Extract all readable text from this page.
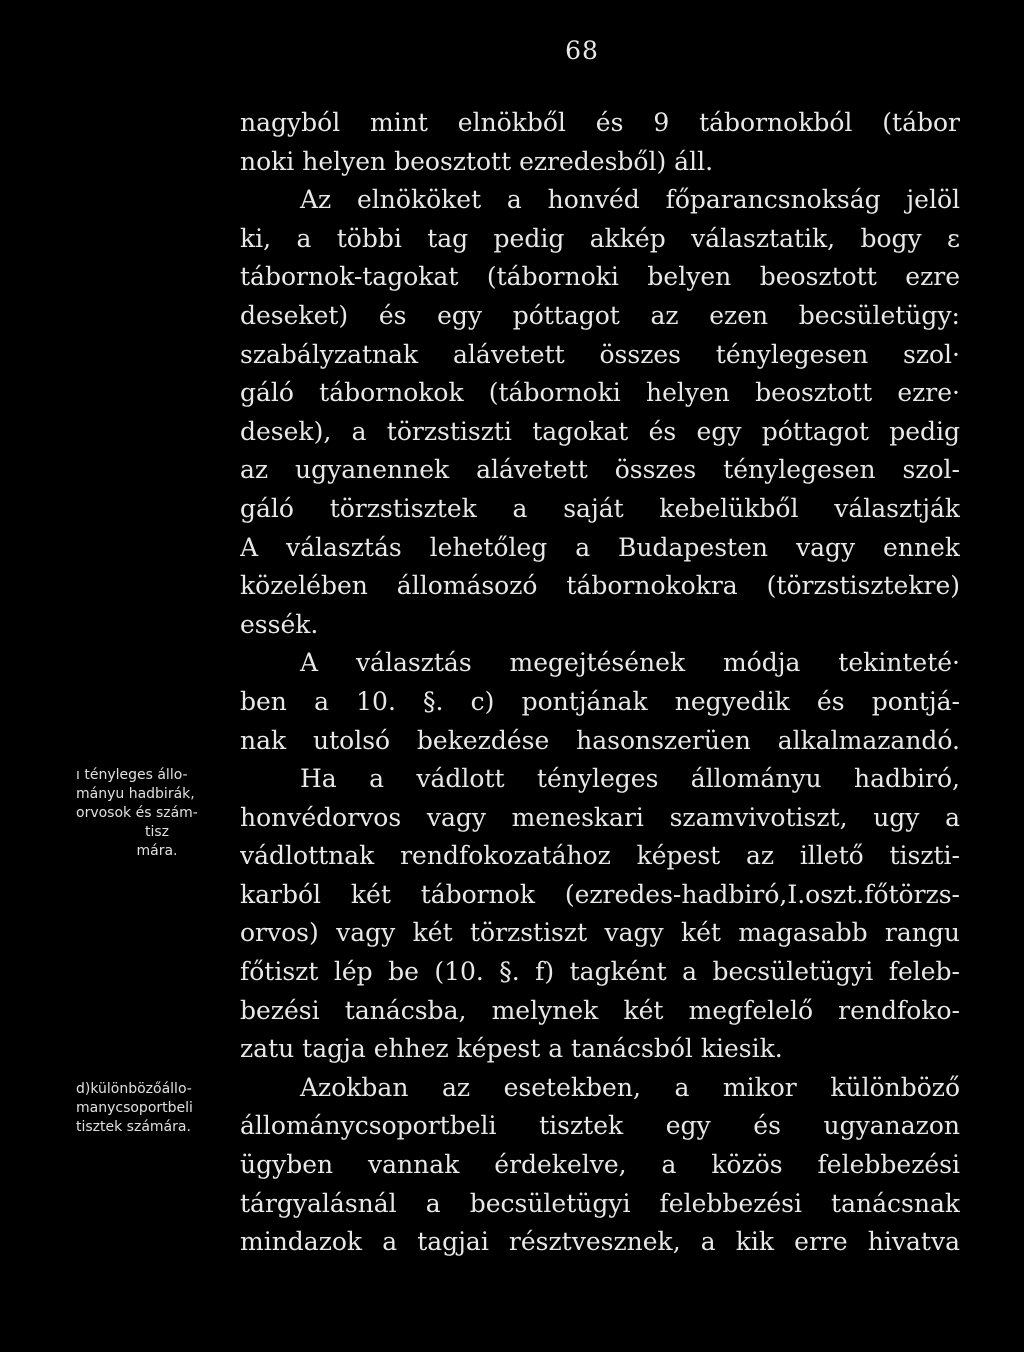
68
nagyból mint elnökből és 9 tábornokból (tábor
noki helyen beosztott ezredesből) áll.
Az elnököket a honvéd főparancsnokság jelöl
ki, a többi tag pedig akkép választatik, bogy ε
tábornok-tagokat (tábornoki belyen beosztott ezre
deseket) és egy póttagot az ezen becsületügy:
szabályzatnak alávetett összes ténylegesen szol·
gáló tábornokok (tábornoki helyen beosztott ezre·
desek), a törzstiszti tagokat és egy póttagot pedig
az ugyanennek alávetett összes ténylegesen szol-
gáló törzstisztek a saját kebelükből választják
A választás lehetőleg a Budapesten vagy ennek
közelében állomásozó tábornokokra (törzstisztekre)
essék.
A választás megejtésének módja tekinteté·
ben a 10. §. c) pontjának negyedik és pontjá-
nak utolsó bekezdése hasonszerüen alkalmazandó.
Ha a vádlott tényleges állományu hadbiró,
honvédorvos vagy meneskari szamvivotiszt, ugy a
vádlottnak rendfokozatához képest az illető tiszti-
karból két tábornok (ezredes-hadbiró,I.oszt.főtörzs-
orvos) vagy két törzstiszt vagy két magasabb rangu
főtiszt lép be (10. §. f) tagként a becsületügyi feleb-
bezési tanácsba, melynek két megfelelő rendfoko-
zatu tagja ehhez képest a tanácsból kiesik.
Azokban az esetekben, a mikor különböző
állománycsoportbeli tisztek egy és ugyanazon
ügyben vannak érdekelve, a közös felebbezési
tárgyalásnál a becsületügyi felebbezési tanácsnak
mindazok a tagjai résztvesznek, a kik erre hivatva
ı tényleges állo-
mányu hadbirák,
orvosok és szám-
tisz
mára.
d)különbözőállo-
manycsoportbeli
tisztek számára.
